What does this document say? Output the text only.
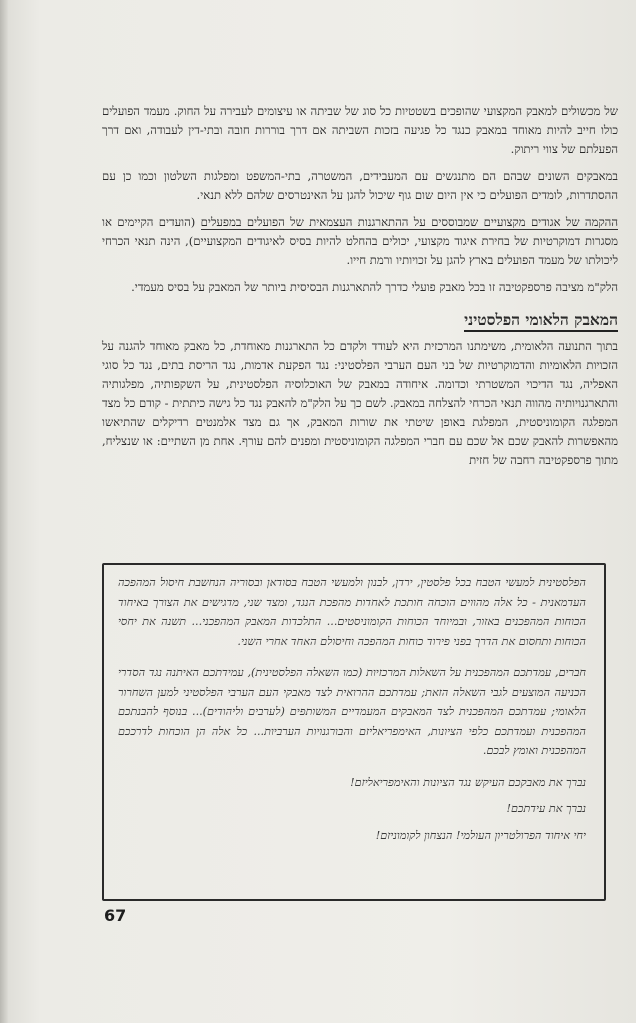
של מכשולים למאבק המקצועי שהופכים בשטטיות כל סוג של שביתה או עיצומים לעבירה על החוק. מעמד הפועלים כולו חייב להיות מאוחד במאבק כנגד כל פגיעה בזכות השביתה אם דרך בוררות חובה ובתי-דין לעבודה, ואם דרך הפעלתם של צווי ריתוק.

במאבקים השונים שבהם הם מתנגשים עם המעבידים, המשטרה, בתי-המשפט ומפלגות השלטון וכמו כן עם ההסתדרות, לומדים הפועלים כי אין היום שום גוף שיכול להגן על האינטרסים שלהם ללא תנאי.

ההקמה של אגודים מקצועיים שמבוססים על ההתארגנות העצמאית של הפועלים במפעלים (הועדים הקיימים או מסגרות דמוקרטיות של בחירת איגוד מקצועי, יכולים בהחלט להיות בסיס לאיגודים המקצועיים), הינה תנאי הכרחי ליכולתו של מעמד הפועלים בארץ להגן על זכויותיו ורמת חייו.

הלק"מ מציבה פרספקטיבה זו בכל מאבק פועלי כדרך להתארגנות הבסיסית ביותר של המאבק על בסיס מעמדי.

המאבק הלאומי הפלסטיני

בתוך התנועה הלאומית, משימתנו המרכזית היא לעודד ולקדם כל התארגנות מאוחדת, כל מאבק מאוחד להגנה על הזכויות הלאומיות והדמוקרטיות של בני העם הערבי הפלסטיני: נגד הפקעת אדמות, נגד הריסת בתים, נגד כל סוגי האפליה, נגד הדיכוי המשטרתי וכדומה. איחודה במאבק של האוכלוסיה הפלסטינית, על השקפותיה, מפלגותיה והתארגנויותיה מהווה תנאי הכרחי להצלחה במאבק. לשם כך על הלק"מ להאבק נגד כל גישה כיתתית - קודם כל מצד המפלגה הקומוניסטית, המפלגת באופן שיטתי את שורות המאבק, אך גם מצד אלמנטים רדיקלים שהתיאשו מהאפשרות להאבק שכם אל שכם עם חברי המפלגה הקומוניסטית ומפנים להם עורף. אחת מן השתיים: או שנצליח, מתוך פרספקטיבה רחבה של חזית

הפלסטינית למעשי הטבח בכל פלסטין, ירדן, לבנון ולמעשי הטבח בסודאן ובסוריה הנחשבת חיסול המהפכה העדמאנית - כל אלה מהווים הוכחה חותכת לאחדות מהפכת הנגד, ומצד שני, מדגישים את הצורך באיחוד הכוחות המהפכנים באזור, ובמיוחד הכוחות הקומוניסטים... התלכדות המאבק המהפכני... תשנה את יחסי הכוחות ותחסום את הדרך בפני פירוד כוחות המהפכה וחיסולם האחד אחרי השני.

חברים, עמדתכם המהפכנית על השאלות המרכזיות (כמו השאלה הפלסטינית), עמידתכם האיתנה נגד הסדרי הכניעה המוצעים לגבי השאלה הזאת; עמדתכם ההרואית לצד מאבקי העם הערבי הפלסטיני למען השחרור הלאומי; עמדתכם המהפכנית לצד המאבקים המעמדיים המשותפים (לערבים וליהודים)... בנוסף להבנתכם המהפכנית ועמדתכם כלפי הציונות, האימפריאליזם והבורגנויות הערביות... כל אלה הן הוכחות לדרככם המהפכנית ואומץ לבכם.

נברך את מאבקכם העיקש נגד הציונות והאימפריאליזם!

נברך את עידתכם!

יחי איחוד הפרולטריון העולמי! הנצחון לקומוניזם!

67
